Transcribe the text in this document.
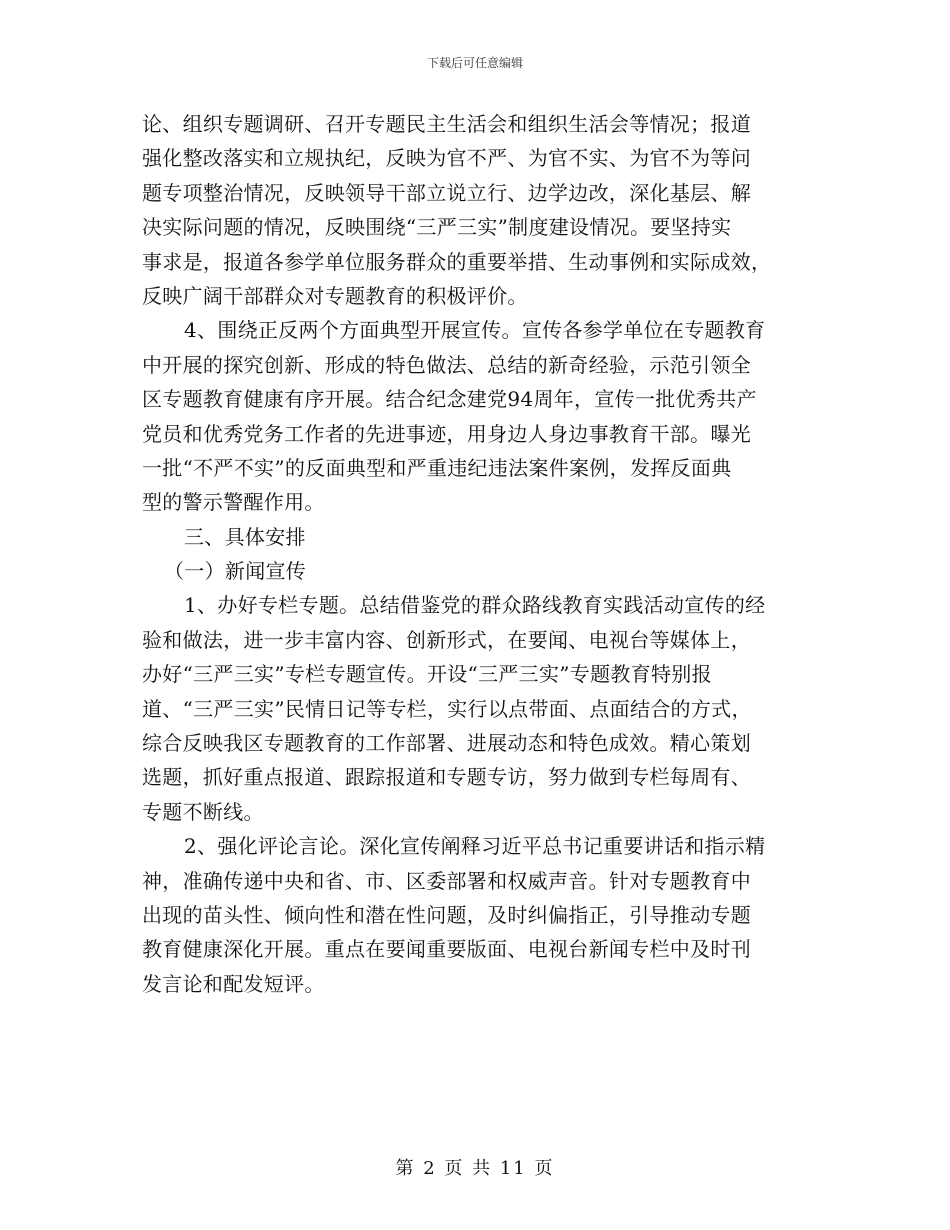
下载后可任意编辑
论、组织专题调研、召开专题民主生活会和组织生活会等情况；报道
强化整改落实和立规执纪，反映为官不严、为官不实、为官不为等问
题专项整治情况，反映领导干部立说立行、边学边改，深化基层、解
决实际问题的情况，反映围绕“三严三实”制度建设情况。要坚持实
事求是，报道各参学单位服务群众的重要举措、生动事例和实际成效，
反映广阔干部群众对专题教育的积极评价。
4、围绕正反两个方面典型开展宣传。宣传各参学单位在专题教育
中开展的探究创新、形成的特色做法、总结的新奇经验，示范引领全
区专题教育健康有序开展。结合纪念建党94周年，宣传一批优秀共产
党员和优秀党务工作者的先进事迹，用身边人身边事教育干部。曝光
一批“不严不实”的反面典型和严重违纪违法案件案例，发挥反面典
型的警示警醒作用。
三、具体安排
（一）新闻宣传
1、办好专栏专题。总结借鉴党的群众路线教育实践活动宣传的经
验和做法，进一步丰富内容、创新形式，在要闻、电视台等媒体上，
办好“三严三实”专栏专题宣传。开设“三严三实”专题教育特别报
道、“三严三实”民情日记等专栏，实行以点带面、点面结合的方式，
综合反映我区专题教育的工作部署、进展动态和特色成效。精心策划
选题，抓好重点报道、跟踪报道和专题专访，努力做到专栏每周有、
专题不断线。
2、强化评论言论。深化宣传阐释习近平总书记重要讲话和指示精
神，准确传递中央和省、市、区委部署和权威声音。针对专题教育中
出现的苗头性、倾向性和潜在性问题，及时纠偏指正，引导推动专题
教育健康深化开展。重点在要闻重要版面、电视台新闻专栏中及时刊
发言论和配发短评。
第 2 页 共 11 页
